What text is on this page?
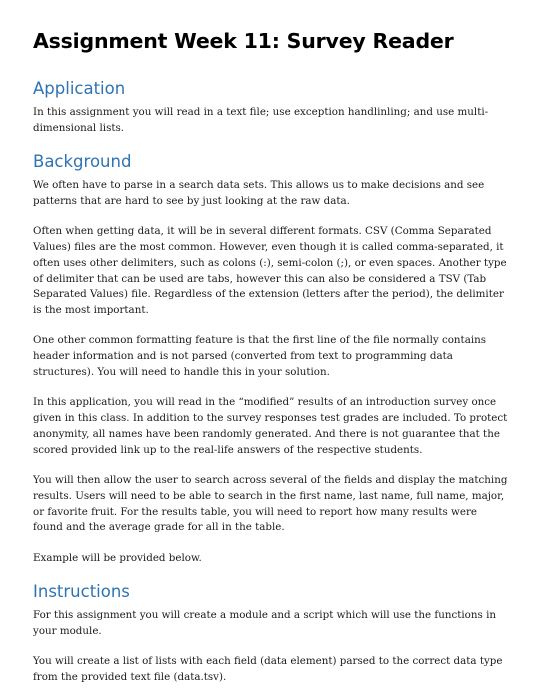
Assignment Week 11: Survey Reader
Application

In this assignment you will read in a text file; use exception handlinling; and use multi-dimensional lists.

Background

We often have to parse in a search data sets. This allows us to make decisions and see patterns that are hard to see by just looking at the raw data.

Often when getting data, it will be in several different formats. CSV (Comma Separated Values) files are the most common. However, even though it is called comma-separated, it often uses other delimiters, such as colons (:), semi-colon (;), or even spaces. Another type of delimiter that can be used are tabs, however this can also be considered a TSV (Tab Separated Values) file. Regardless of the extension (letters after the period), the delimiter is the most important.

One other common formatting feature is that the first line of the file normally contains header information and is not parsed (converted from text to programming data structures). You will need to handle this in your solution.

In this application, you will read in the “modified” results of an introduction survey once given in this class. In addition to the survey responses test grades are included. To protect anonymity, all names have been randomly generated. And there is not guarantee that the scored provided link up to the real-life answers of the respective students.

You will then allow the user to search across several of the fields and display the matching results. Users will need to be able to search in the first name, last name, full name, major, or favorite fruit. For the results table, you will need to report how many results were found and the average grade for all in the table.

Example will be provided below.

Instructions

For this assignment you will create a module and a script which will use the functions in your module.

You will create a list of lists with each field (data element) parsed to the correct data type from the provided text file (data.tsv).
